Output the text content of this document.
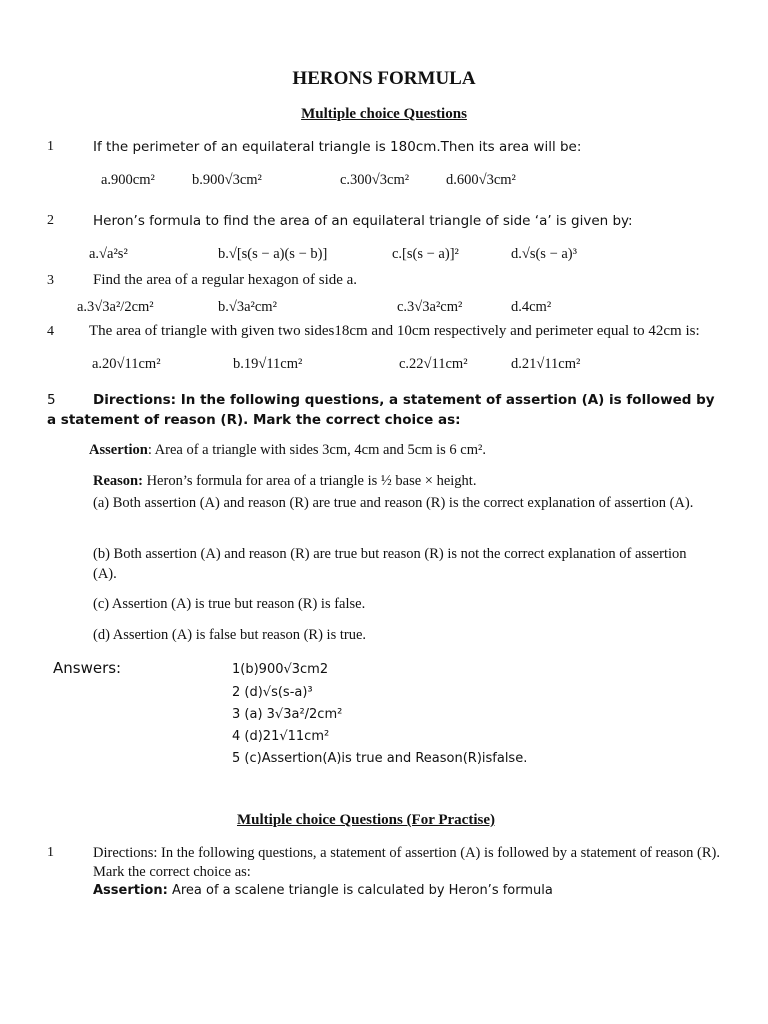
HERONS FORMULA
Multiple choice Questions
1	If the perimeter of an equilateral triangle is 180cm.Then its area will be:
a.900cm²	b.900√3cm²	c.300√3cm²	d.600√3cm²
2	Heron’s formula to find the area of an equilateral triangle of side ‘a’ is given by:
a.√a²s²	b.√[s(s − a)(s − b)]	c.[s(s − a)]²	d.√s(s − a)³
3	Find the area of a regular hexagon of side a.
a.3√3a²/2cm²	b.√3a²cm²	c.3√3a²cm²	d.4cm²
4 The area of triangle with given two sides18cm and 10cm respectively and perimeter equal to 42cm is:
a.20√11cm²	b.19√11cm²	c.22√11cm²	d.21√11cm²
5	Directions: In the following questions, a statement of assertion (A) is followed by a statement of reason (R). Mark the correct choice as:
Assertion: Area of a triangle with sides 3cm, 4cm and 5cm is 6 cm².
Reason: Heron’s formula for area of a triangle is ½ base × height.
(a) Both assertion (A) and reason (R) are true and reason (R) is the correct explanation of assertion (A).
(b) Both assertion (A) and reason (R) are true but reason (R) is not the correct explanation of assertion (A).
(c) Assertion (A) is true but reason (R) is false.
(d) Assertion (A) is false but reason (R) is true.
Answers:	1(b)900√3cm2
2 (d)√s(s-a)³
3 (a) 3√3a²/2cm²
4 (d)21√11cm²
5 (c)Assertion(A)is true and Reason(R)isfalse.
Multiple choice Questions (For Practise)
1	Directions: In the following questions, a statement of assertion (A) is followed by a statement of reason (R). Mark the correct choice as:
Assertion: Area of a scalene triangle is calculated by Heron’s formula
